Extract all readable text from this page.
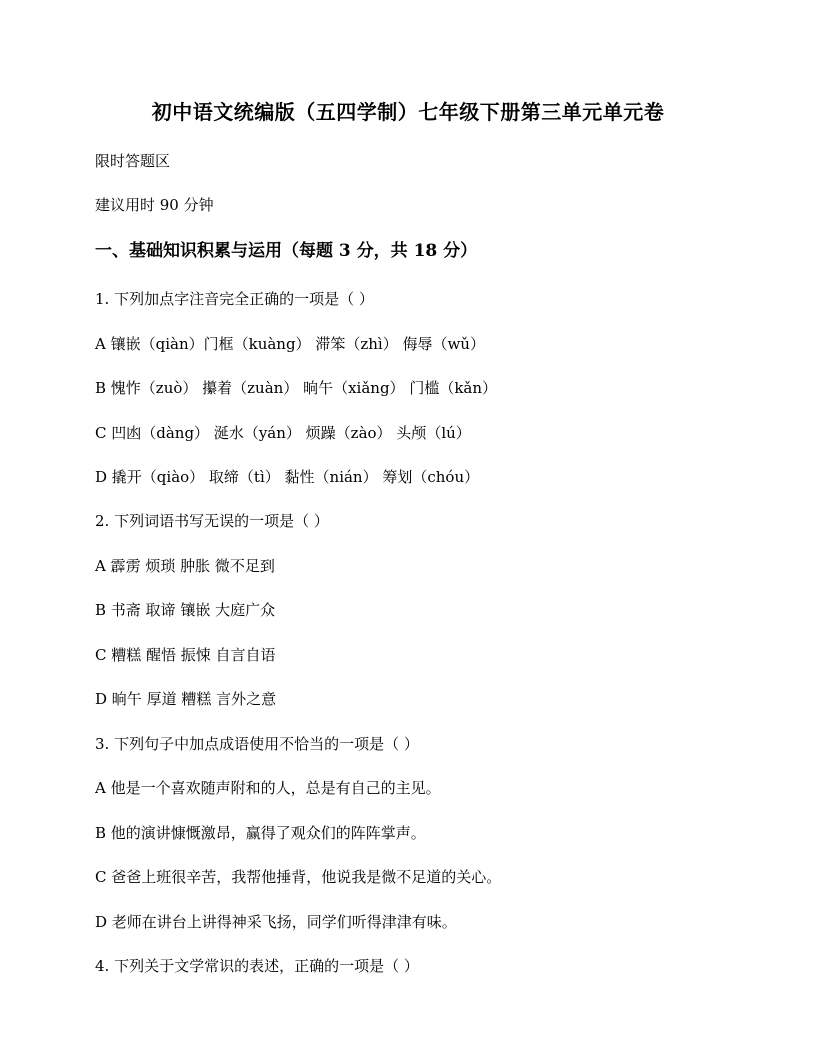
初中语文统编版（五四学制）七年级下册第三单元单元卷
限时答题区
建议用时 90 分钟
一、基础知识积累与运用（每题 3 分，共 18 分）
1. 下列加点字注音完全正确的一项是（ ）
A 镶嵌（qiàn）门框（kuàng） 滞笨（zhì） 侮辱（wǔ）
B 愧怍（zuò） 攥着（zuàn） 晌午（xiǎng） 门槛（kǎn）
C 凹凼（dàng） 涎水（yán） 烦躁（zào） 头颅（lú）
D 撬开（qiào） 取缔（tì） 黏性（nián） 筹划（chóu）
2. 下列词语书写无误的一项是（ ）
A 霹雳 烦琐 肿胀 微不足到
B 书斋 取谛 镶嵌 大庭广众
C 糟糕 醒悟 振悚 自言自语
D 晌午 厚道 糟糕 言外之意
3. 下列句子中加点成语使用不恰当的一项是（ ）
A 他是一个喜欢随声附和的人，总是有自己的主见。
B 他的演讲慷慨激昂，赢得了观众们的阵阵掌声。
C 爸爸上班很辛苦，我帮他捶背，他说我是微不足道的关心。
D 老师在讲台上讲得神采飞扬，同学们听得津津有味。
4. 下列关于文学常识的表述，正确的一项是（ ）
